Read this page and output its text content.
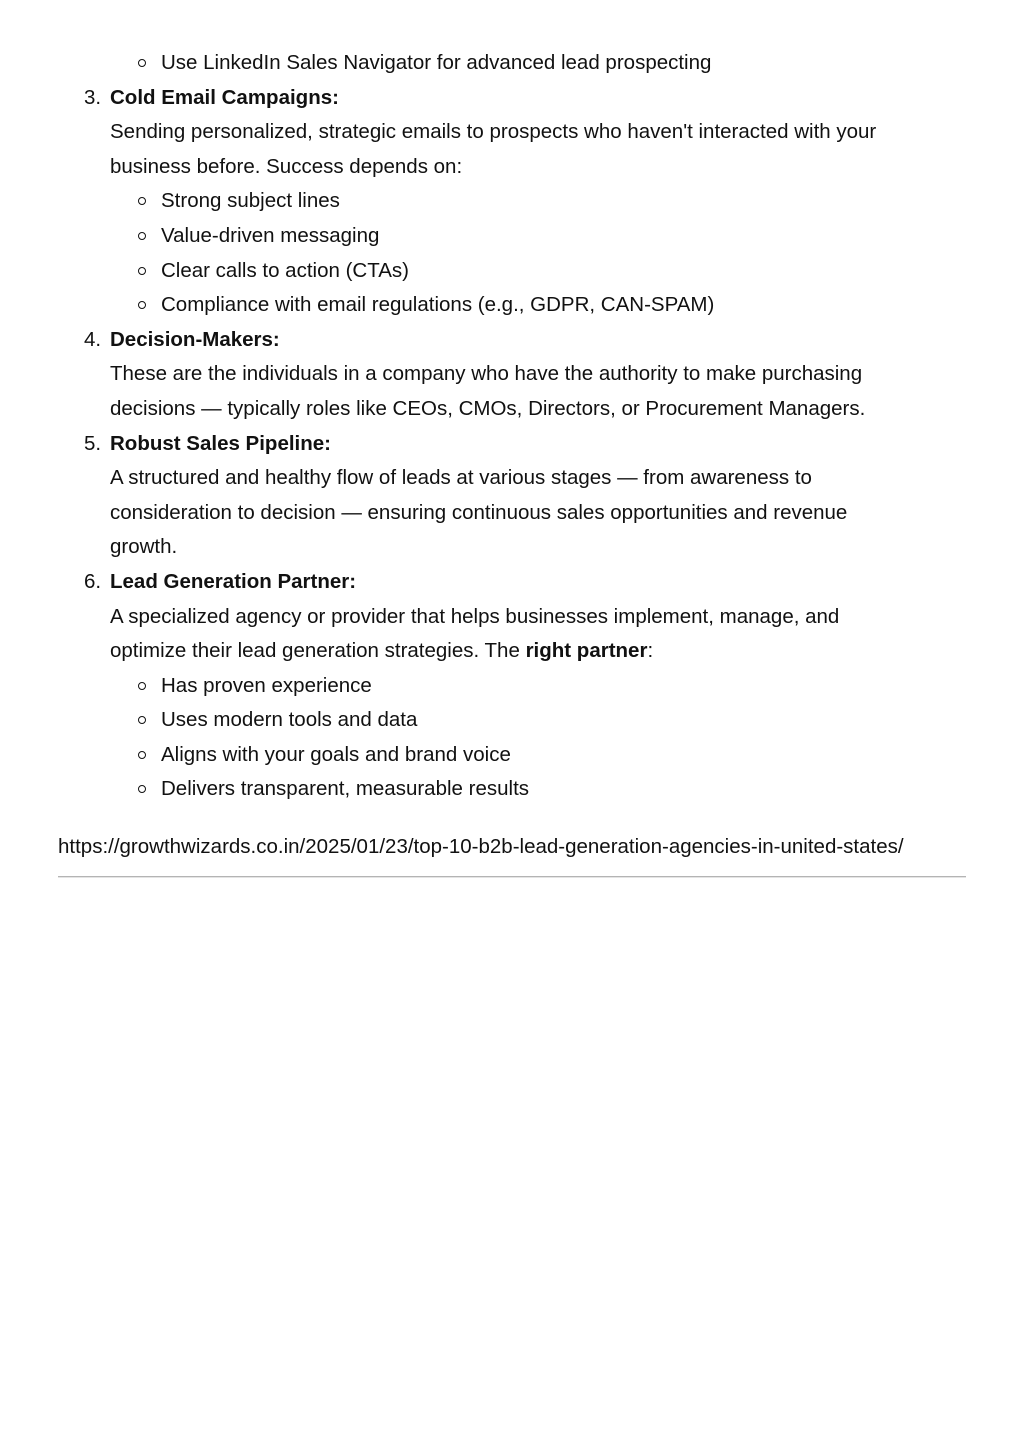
Use LinkedIn Sales Navigator for advanced lead prospecting
3. Cold Email Campaigns:
Sending personalized, strategic emails to prospects who haven't interacted with your
business before. Success depends on:
Strong subject lines
Value-driven messaging
Clear calls to action (CTAs)
Compliance with email regulations (e.g., GDPR, CAN-SPAM)
4. Decision-Makers:
These are the individuals in a company who have the authority to make purchasing
decisions — typically roles like CEOs, CMOs, Directors, or Procurement Managers.
5. Robust Sales Pipeline:
A structured and healthy flow of leads at various stages — from awareness to
consideration to decision — ensuring continuous sales opportunities and revenue
growth.
6. Lead Generation Partner:
A specialized agency or provider that helps businesses implement, manage, and
optimize their lead generation strategies. The right partner:
Has proven experience
Uses modern tools and data
Aligns with your goals and brand voice
Delivers transparent, measurable results
https://growthwizards.co.in/2025/01/23/top-10-b2b-lead-generation-agencies-in-united-states/
